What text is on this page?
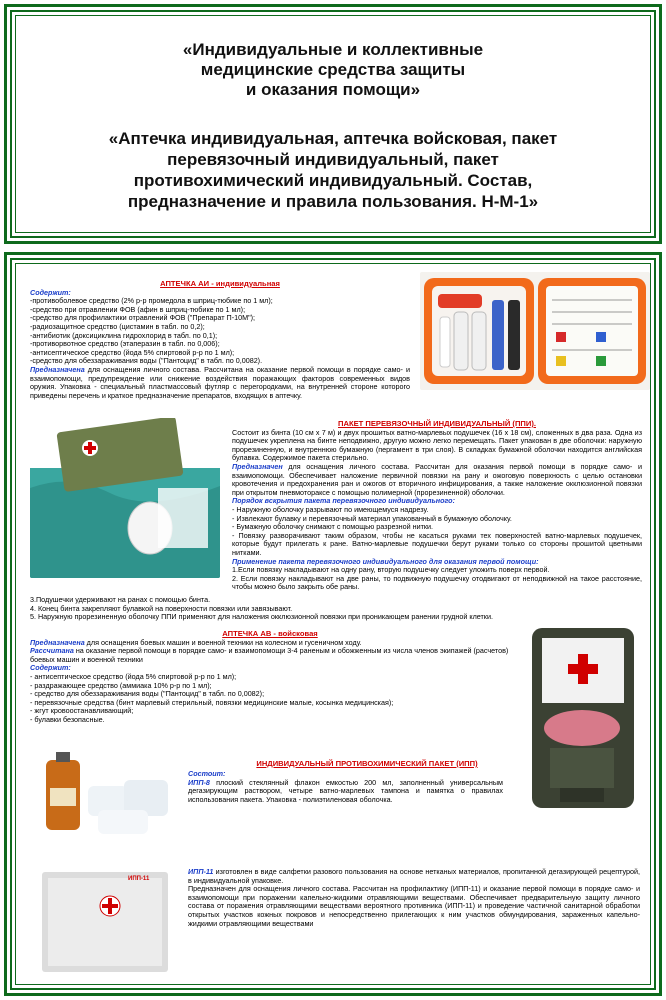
«Индивидуальные и коллективные
медицинские средства защиты
и оказания помощи»
«Аптечка индивидуальная, аптечка войсковая, пакет
перевязочный индивидуальный, пакет
противохимический индивидуальный. Состав,
предназначение и правила пользования. Н-М-1»
АПТЕЧКА АИ - индивидуальная
Содержит:
-противоболевое средство (2% р-р промедола в шприц-тюбике по 1 мл);
-средство при отравлении ФОВ (афин в шприц-тюбике по 1 мл);
-средство для профилактики отравлений ФОВ ("Препарат П-10М");
-радиозащитное средство (цистамин в табл. по 0,2);
-антибиотик (доксициклина гидрохлорид в табл. по 0,1);
-противорвотное средство (этаперазин в табл. по 0,006);
-антисептическое средство (йода 5% спиртовой р-р по 1 мл);
-средство для обеззараживания воды ("Пантоцид" в табл. по 0,0082).
Предназначена для оснащения личного состава. Рассчитана на оказание первой помощи в порядке само- и взаимопомощи, предупреждение или снижение воздействия поражающих факторов современных видов оружия. Упаковка - специальный пластмассовый футляр с перегородками, на внутренней стороне которого приведены перечень и краткое предназначение препаратов, входящих в аптечку.
ПАКЕТ ПЕРЕВЯЗОЧНЫЙ ИНДИВИДУАЛЬНЫЙ (ППИ).
Состоит из бинта (10 см х 7 м) и двух прошитых ватно-марлевых подушечек (16 х 18 см), сложенных в два раза. Одна из подушечек укреплена на бинте неподвижно, другую можно легко перемещать. Пакет упакован в две оболочки: наружную прорезиненную, и внутреннюю бумажную (пергамент в три слоя). В складках бумажной оболочки находится английская булавка. Содержимое пакета стерильно.
Предназначен для оснащения личного состава. Рассчитан для оказания первой помощи в порядке само- и взаимопомощи. Обеспечивает наложение первичной повязки на рану и ожоговую поверхность с целью остановки кровотечения и предохранения ран и ожогов от вторичного инфицирования, а также наложение окклюзионной повязки при открытом пневмотораксе с помощью полимерной (прорезиненной) оболочки.
Порядок вскрытия пакета перевязочного индивидуального:
- Наружную оболочку разрывают по имеющемуся надрезу.
- Извлекают булавку и перевязочный материал упакованный в бумажную оболочку.
- Бумажную оболочку снимают с помощью разрезной нитки.
- Повязку разворачивают таким образом, чтобы не касаться руками тех поверхностей ватно-марлевых подушечек, которые будут прилегать к ране. Ватно-марлевые подушечки берут руками только со стороны прошитой цветными нитками.
Применение пакета перевязочного индивидуального для оказания первой помощи:
1.Если повязку накладывают на одну рану, вторую подушечку следует уложить поверх первой.
2. Если повязку накладывают на две раны, то подвижную подушечку отодвигают от неподвижной на такое расстояние, чтобы можно было закрыть обе раны.
3.Подушечки удерживают на ранах с помощью бинта.
4. Конец бинта закрепляют булавкой на поверхности повязки или завязывают.
5. Наружную прорезиненную оболочку ППИ применяют для наложения окклюзионной повязки при проникающем ранении грудной клетки.
АПТЕЧКА АВ - войсковая
Предназначена для оснащения боевых машин и военной техники на колесном и гусеничном ходу.
Рассчитана на оказание первой помощи в порядке само- и взаимопомощи 3-4 раненым и обожженным из числа членов экипажей (расчетов) боевых машин и военной техники
Содержит:
- антисептическое средство (йода 5% спиртовой р-р по 1 мл);
- раздражающее средство (аммиака 10% р-р по 1 мл);
- средство для обеззараживания воды ("Пантоцид" в табл. по 0,0082);
- перевязочные средства (бинт марлевый стерильный, повязки медицинские малые, косынка медицинская);
- жгут кровоостанавливающий;
- булавки безопасные.
ИНДИВИДУАЛЬНЫЙ ПРОТИВОХИМИЧЕСКИЙ ПАКЕТ (ИПП)
Состоит:
ИПП-8 плоский стеклянный флакон емкостью 200 мл, заполненный универсальным дегазирующим раствором, четыре ватно-марлевых тампона и памятка о правилах использования пакета. Упаковка - полиэтиленовая оболочка.
ИПП-11
ИПП-11 изготовлен в виде салфетки разового пользования на основе нетканых материалов, пропитанной дегазирующей рецептурой, в индивидуальной упаковке.
Предназначен для оснащения личного состава. Рассчитан на профилактику (ИПП-11) и оказание первой помощи в порядке само- и взаимопомощи при поражении капельно-жидкими отравляющими веществами. Обеспечивает предварительную защиту личного состава от поражения отравляющими веществами вероятного противника (ИПП-11) и проведение частичной санитарной обработки открытых участков кожных покровов и непосредственно прилегающих к ним участков обмундирования, зараженных капельно-жидкими отравляющими веществами
